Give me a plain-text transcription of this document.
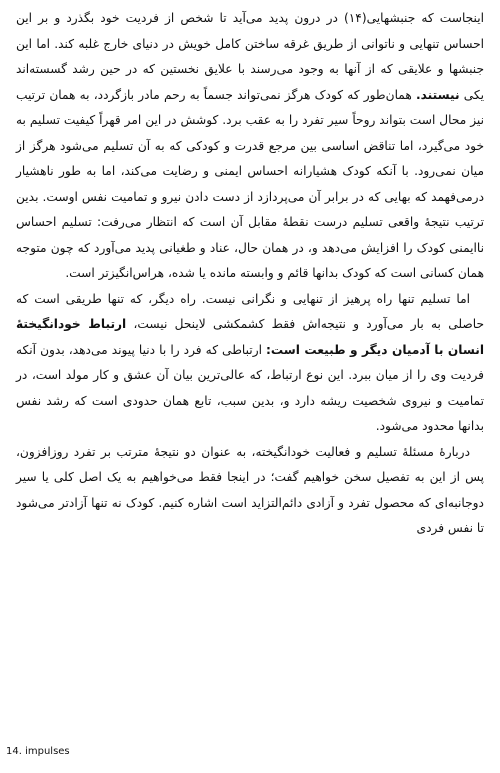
اینجاست که جنبشهایی(۱۴) در درون پدید می‌آید تا شخص از فردیت خود بگذرد و بر این احساس تنهایی و ناتوانی از طریق غرقه ساختن کامل خویش در دنیای خارج غلبه کند. اما این جنبشها و علایقی که از آنها به وجود می‌رسند با علایق نخستین که در حین رشد گسسته‌اند یکی نیستند. همان‌طور که کودک هرگز نمی‌تواند جسماً به رحم مادر بازگردد، به همان ترتیب نیز محال است بتواند روحاً سیر تفرد را به عقب برد. کوشش در این امر قهراً کیفیت تسلیم به خود می‌گیرد، اما تناقض اساسی بین مرجع قدرت و کودکی که به آن تسلیم می‌شود هرگز از میان نمی‌رود. با آنکه کودک هشیارانه احساس ایمنی و رضایت می‌کند، اما به طور ناهشیار درمی‌فهمد که بهایی که در برابر آن می‌پردازد از دست دادن نیرو و تمامیت نفس اوست. بدین ترتیب نتیجهٔ واقعی تسلیم درست نقطهٔ مقابل آن است که انتظار می‌رفت: تسلیم احساس ناایمنی کودک را افزایش می‌دهد و، در همان حال، عناد و طغیانی پدید می‌آورد که چون متوجه همان کسانی است که کودک بدانها قائم و وابسته مانده یا شده، هراس‌انگیزتر است.

اما تسلیم تنها راه پرهیز از تنهایی و نگرانی نیست. راه دیگر، که تنها طریقی است که حاصلی به بار می‌آورد و نتیجه‌اش فقط کشمکشی لاینحل نیست، ارتباط خودانگیختهٔ انسان با آدمیان دیگر و طبیعت است: ارتباطی که فرد را با دنیا پیوند می‌دهد، بدون آنکه فردیت وی را از میان ببرد. این نوع ارتباط، که عالی‌ترین بیان آن عشق و کار مولد است، در تمامیت و نیروی شخصیت ریشه دارد و، بدین سبب، تابع همان حدودی است که رشد نفس بدانها محدود می‌شود.

دربارهٔ مسئلهٔ تسلیم و فعالیت خودانگیخته، به عنوان دو نتیجهٔ مترتب بر تفرد روزافزون، پس از این به تفصیل سخن خواهیم گفت؛ در اینجا فقط می‌خواهیم به یک اصل کلی یا سیر دوجانبه‌ای که محصول تفرد و آزادی دائم‌التزاید است اشاره کنیم. کودک نه تنها آزادتر می‌شود تا نفس فردی

14. impulses
